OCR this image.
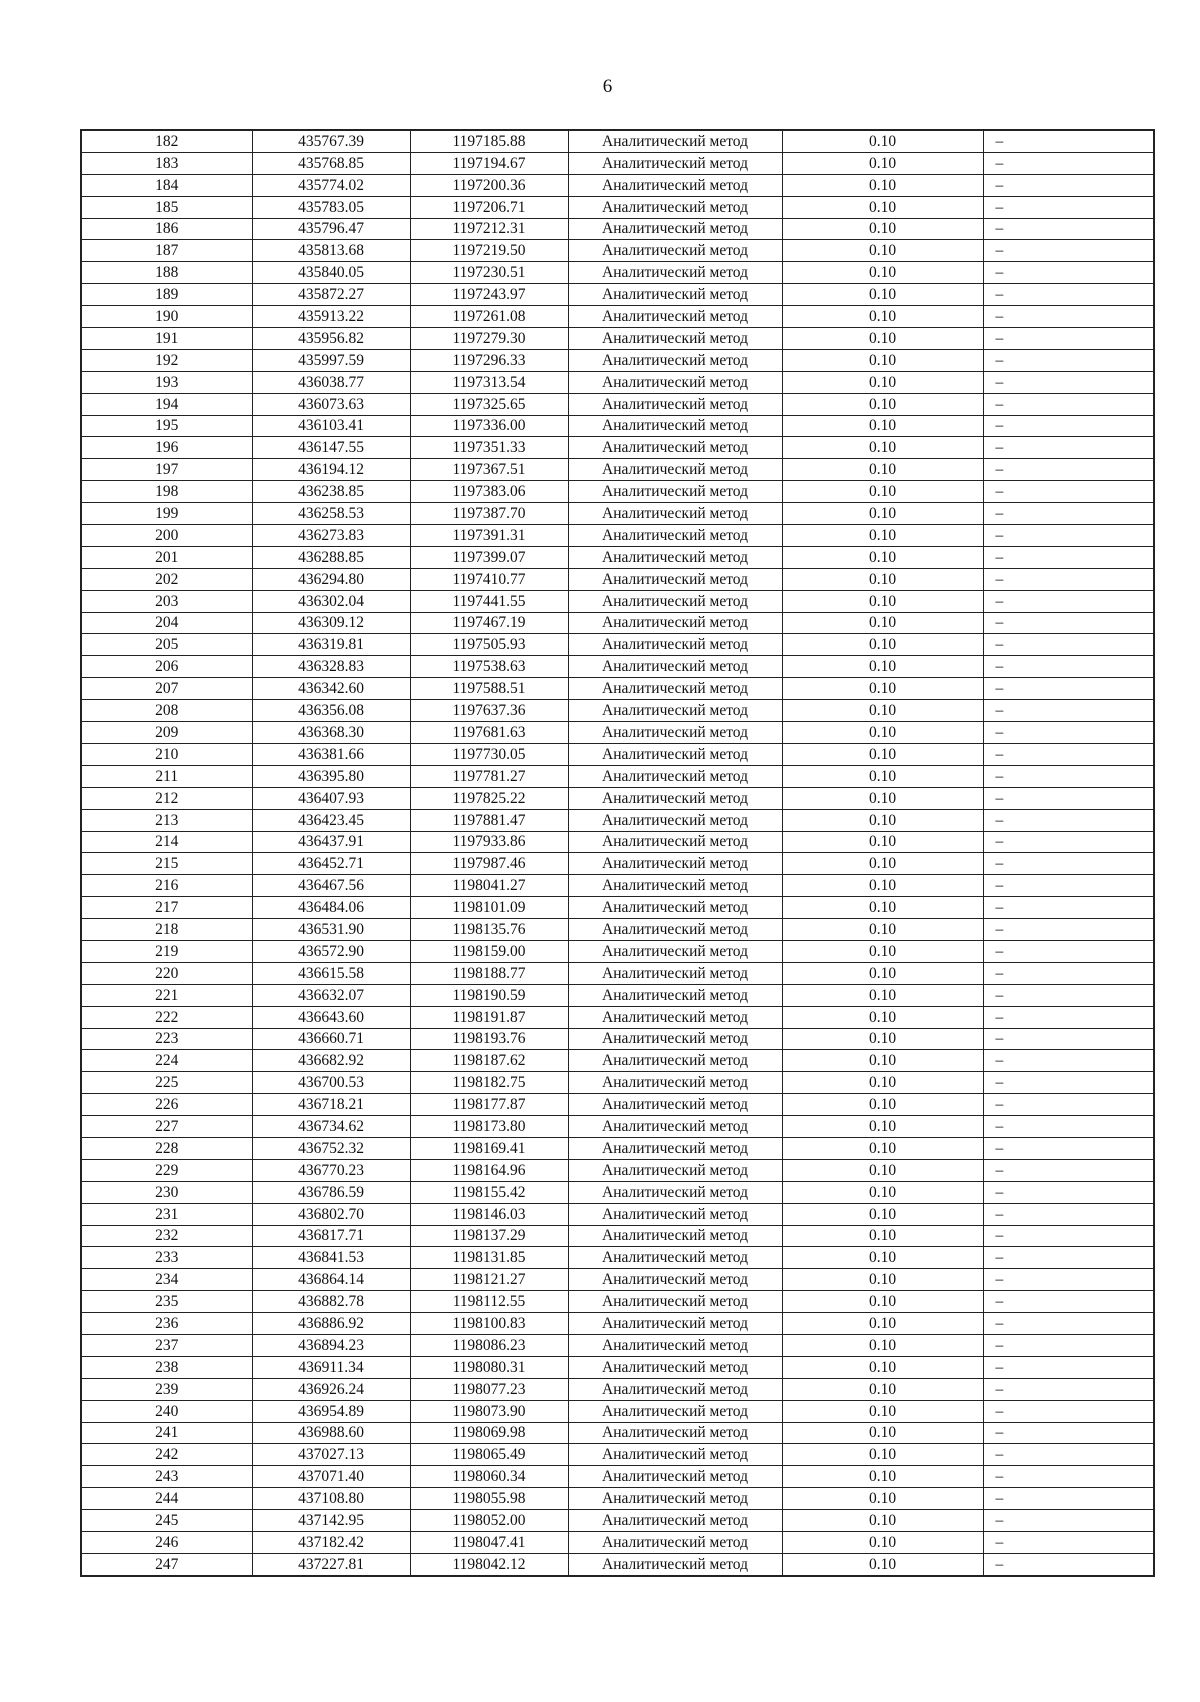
6
182	435767.39	1197185.88	Аналитический метод	0.10	–
183	435768.85	1197194.67	Аналитический метод	0.10	–
184	435774.02	1197200.36	Аналитический метод	0.10	–
185	435783.05	1197206.71	Аналитический метод	0.10	–
186	435796.47	1197212.31	Аналитический метод	0.10	–
187	435813.68	1197219.50	Аналитический метод	0.10	–
188	435840.05	1197230.51	Аналитический метод	0.10	–
189	435872.27	1197243.97	Аналитический метод	0.10	–
190	435913.22	1197261.08	Аналитический метод	0.10	–
191	435956.82	1197279.30	Аналитический метод	0.10	–
192	435997.59	1197296.33	Аналитический метод	0.10	–
193	436038.77	1197313.54	Аналитический метод	0.10	–
194	436073.63	1197325.65	Аналитический метод	0.10	–
195	436103.41	1197336.00	Аналитический метод	0.10	–
196	436147.55	1197351.33	Аналитический метод	0.10	–
197	436194.12	1197367.51	Аналитический метод	0.10	–
198	436238.85	1197383.06	Аналитический метод	0.10	–
199	436258.53	1197387.70	Аналитический метод	0.10	–
200	436273.83	1197391.31	Аналитический метод	0.10	–
201	436288.85	1197399.07	Аналитический метод	0.10	–
202	436294.80	1197410.77	Аналитический метод	0.10	–
203	436302.04	1197441.55	Аналитический метод	0.10	–
204	436309.12	1197467.19	Аналитический метод	0.10	–
205	436319.81	1197505.93	Аналитический метод	0.10	–
206	436328.83	1197538.63	Аналитический метод	0.10	–
207	436342.60	1197588.51	Аналитический метод	0.10	–
208	436356.08	1197637.36	Аналитический метод	0.10	–
209	436368.30	1197681.63	Аналитический метод	0.10	–
210	436381.66	1197730.05	Аналитический метод	0.10	–
211	436395.80	1197781.27	Аналитический метод	0.10	–
212	436407.93	1197825.22	Аналитический метод	0.10	–
213	436423.45	1197881.47	Аналитический метод	0.10	–
214	436437.91	1197933.86	Аналитический метод	0.10	–
215	436452.71	1197987.46	Аналитический метод	0.10	–
216	436467.56	1198041.27	Аналитический метод	0.10	–
217	436484.06	1198101.09	Аналитический метод	0.10	–
218	436531.90	1198135.76	Аналитический метод	0.10	–
219	436572.90	1198159.00	Аналитический метод	0.10	–
220	436615.58	1198188.77	Аналитический метод	0.10	–
221	436632.07	1198190.59	Аналитический метод	0.10	–
222	436643.60	1198191.87	Аналитический метод	0.10	–
223	436660.71	1198193.76	Аналитический метод	0.10	–
224	436682.92	1198187.62	Аналитический метод	0.10	–
225	436700.53	1198182.75	Аналитический метод	0.10	–
226	436718.21	1198177.87	Аналитический метод	0.10	–
227	436734.62	1198173.80	Аналитический метод	0.10	–
228	436752.32	1198169.41	Аналитический метод	0.10	–
229	436770.23	1198164.96	Аналитический метод	0.10	–
230	436786.59	1198155.42	Аналитический метод	0.10	–
231	436802.70	1198146.03	Аналитический метод	0.10	–
232	436817.71	1198137.29	Аналитический метод	0.10	–
233	436841.53	1198131.85	Аналитический метод	0.10	–
234	436864.14	1198121.27	Аналитический метод	0.10	–
235	436882.78	1198112.55	Аналитический метод	0.10	–
236	436886.92	1198100.83	Аналитический метод	0.10	–
237	436894.23	1198086.23	Аналитический метод	0.10	–
238	436911.34	1198080.31	Аналитический метод	0.10	–
239	436926.24	1198077.23	Аналитический метод	0.10	–
240	436954.89	1198073.90	Аналитический метод	0.10	–
241	436988.60	1198069.98	Аналитический метод	0.10	–
242	437027.13	1198065.49	Аналитический метод	0.10	–
243	437071.40	1198060.34	Аналитический метод	0.10	–
244	437108.80	1198055.98	Аналитический метод	0.10	–
245	437142.95	1198052.00	Аналитический метод	0.10	–
246	437182.42	1198047.41	Аналитический метод	0.10	–
247	437227.81	1198042.12	Аналитический метод	0.10	–
